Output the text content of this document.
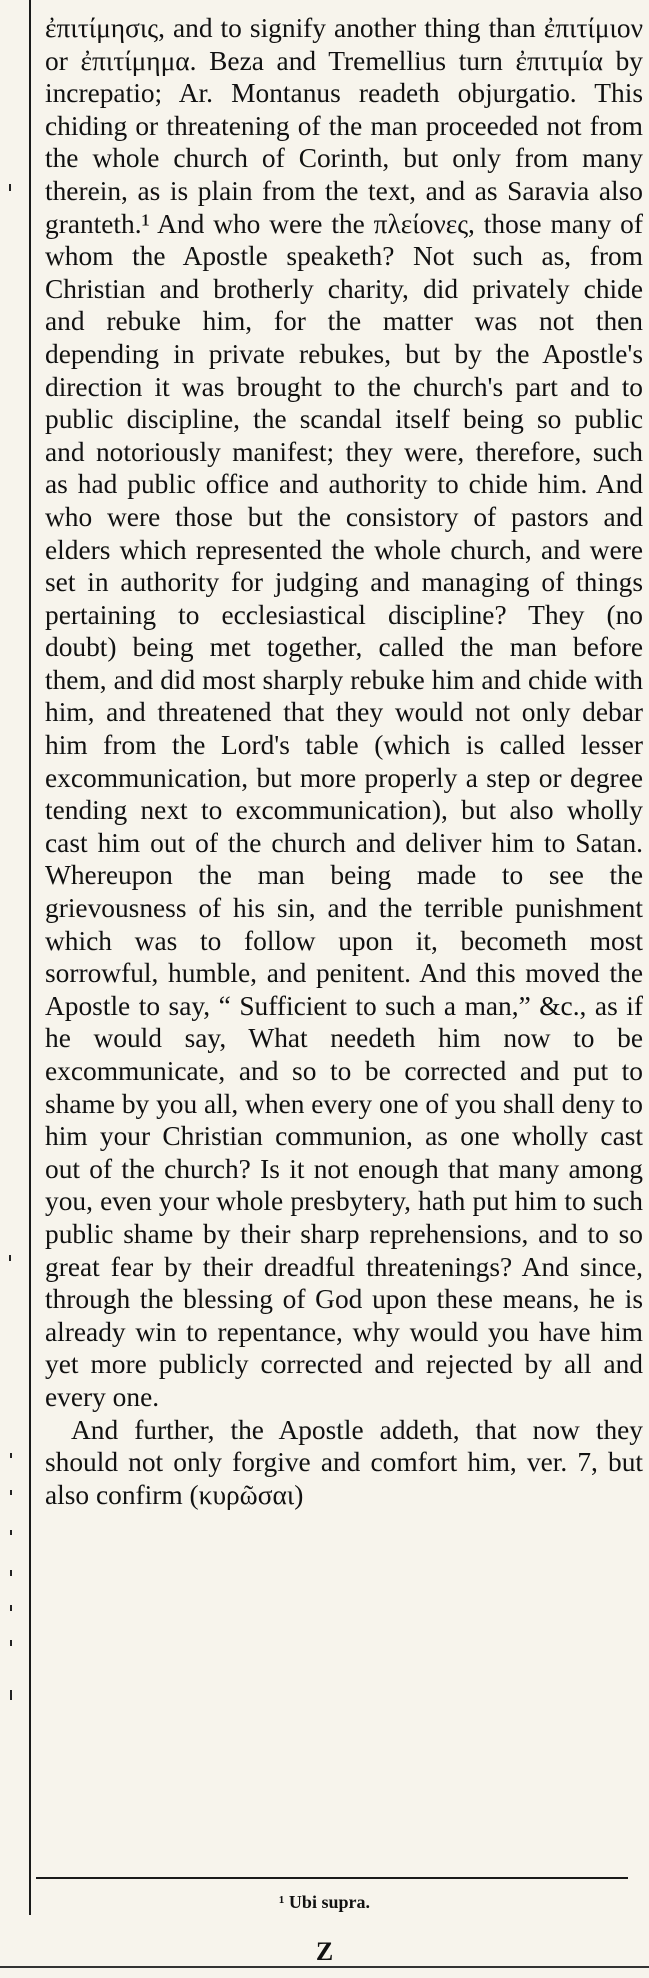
ἐπιτίμησις, and to signify another thing than ἐπιτίμιον or ἐπιτίμημα. Beza and Tremellius turn ἐπιτιμία by increpatio; Ar. Montanus readeth objurgatio. This chiding or threatening of the man proceeded not from the whole church of Corinth, but only from many therein, as is plain from the text, and as Saravia also granteth.¹ And who were the πλείονες, those many of whom the Apostle speaketh? Not such as, from Christian and brotherly charity, did privately chide and rebuke him, for the matter was not then depending in private rebukes, but by the Apostle's direction it was brought to the church's part and to public discipline, the scandal itself being so public and notoriously manifest; they were, therefore, such as had public office and authority to chide him. And who were those but the consistory of pastors and elders which represented the whole church, and were set in authority for judging and managing of things pertaining to ecclesiastical discipline? They (no doubt) being met together, called the man before them, and did most sharply rebuke him and chide with him, and threatened that they would not only debar him from the Lord's table (which is called lesser excommunication, but more properly a step or degree tending next to excommunication), but also wholly cast him out of the church and deliver him to Satan. Whereupon the man being made to see the grievousness of his sin, and the terrible punishment which was to follow upon it, becometh most sorrowful, humble, and penitent. And this moved the Apostle to say, “ Sufficient to such a man,” &c., as if he would say, What needeth him now to be excommunicate, and so to be corrected and put to shame by you all, when every one of you shall deny to him your Christian communion, as one wholly cast out of the church? Is it not enough that many among you, even your whole presbytery, hath put him to such public shame by their sharp reprehensions, and to so great fear by their dreadful threatenings? And since, through the blessing of God upon these means, he is already win to repentance, why would you have him yet more publicly corrected and rejected by all and every one.

And further, the Apostle addeth, that now they should not only forgive and comfort him, ver. 7, but also confirm (κυρῶσαι)

¹ Ubi supra.
Z
